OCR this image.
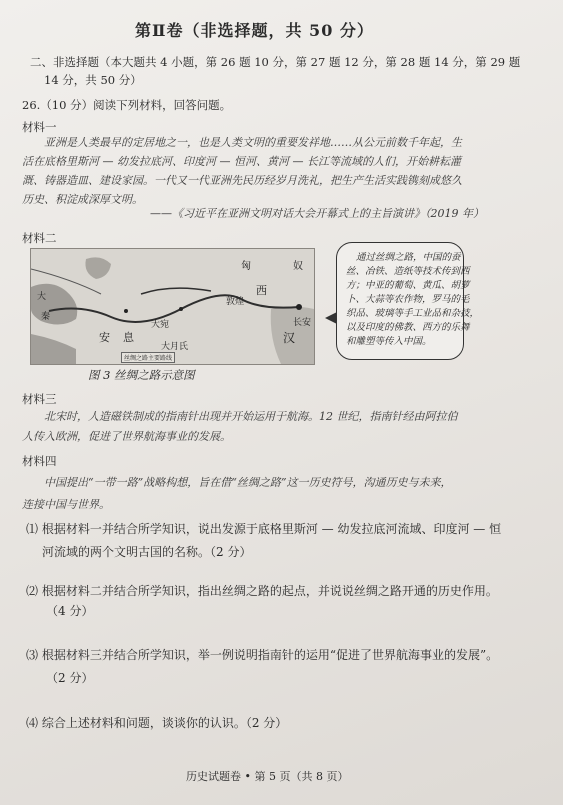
第Ⅱ卷（非选择题，共 50 分）
二、非选择题（本大题共 4 小题，第 26 题 10 分，第 27 题 12 分，第 28 题 14 分，第 29 题
14 分，共 50 分）
26.（10 分）阅读下列材料，回答问题。
材料一
亚洲是人类最早的定居地之一，也是人类文明的重要发祥地……从公元前数千年起，生
活在底格里斯河 — 幼发拉底河、印度河 — 恒河、黄河 — 长江等流域的人们，开始耕耘灌
溉、铸器造皿、建设家园。一代又一代亚洲先民历经岁月洗礼，把生产生活实践镌刻成悠久
历史、积淀成深厚文明。
——《习近平在亚洲文明对话大会开幕式上的主旨演讲》（2019 年）
材料二
匈	奴
西
汉
安 息
大
秦
长安
大宛
敦煌
大月氏
丝绸之路主要路线
通过丝绸之路，中国的蚕
丝、冶铁、造纸等技术传到西
方；中亚的葡萄、黄瓜、胡萝
卜、大蒜等农作物，罗马的毛
织品、玻璃等手工业品和杂技，
以及印度的佛教、西方的乐舞
和雕塑等传入中国。
图 3 丝绸之路示意图
材料三
北宋时，人造磁铁制成的指南针出现并开始运用于航海。12 世纪，指南针经由阿拉伯
人传入欧洲，促进了世界航海事业的发展。
材料四
中国提出“一带一路”战略构想，旨在借“丝绸之路”这一历史符号，沟通历史与未来，
连接中国与世界。
⑴ 根据材料一并结合所学知识，说出发源于底格里斯河 — 幼发拉底河流域、印度河 — 恒
河流域的两个文明古国的名称。（2 分）
⑵ 根据材料二并结合所学知识，指出丝绸之路的起点，并说说丝绸之路开通的历史作用。
（4 分）
⑶ 根据材料三并结合所学知识，举一例说明指南针的运用“促进了世界航海事业的发展”。
（2 分）
⑷ 综合上述材料和问题，谈谈你的认识。（2 分）
历史试题卷 • 第 5 页（共 8 页）
